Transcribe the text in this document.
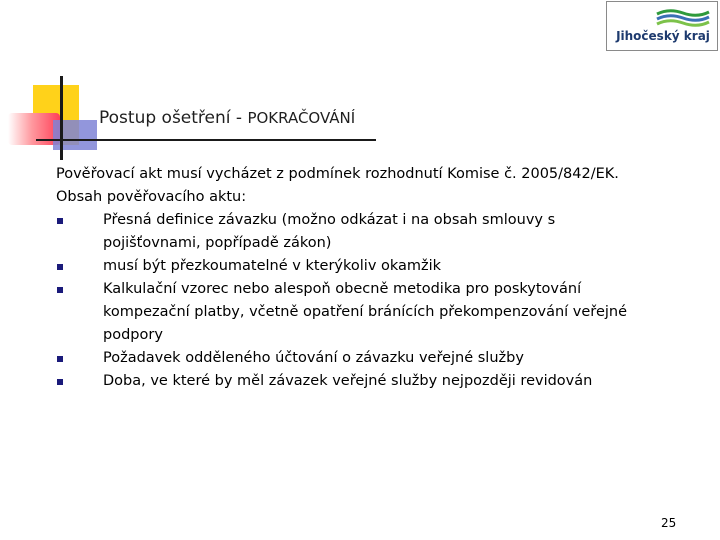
Jihočeský kraj
Postup ošetření - POKRAČOVÁNÍ
Pověřovací akt musí vycházet z podmínek rozhodnutí Komise č. 2005/842/EK.
Obsah pověřovacího aktu:
Přesná definice závazku (možno odkázat i na obsah smlouvy s
pojišťovnami, popřípadě zákon)
musí být přezkoumatelné v kterýkoliv okamžik
Kalkulační vzorec nebo alespoň obecně metodika pro poskytování
kompezační platby, včetně opatření bránících překompenzování veřejné
podpory
Požadavek odděleného účtování o závazku veřejné služby
Doba, ve které by měl závazek veřejné služby nejpozději revidován
25
